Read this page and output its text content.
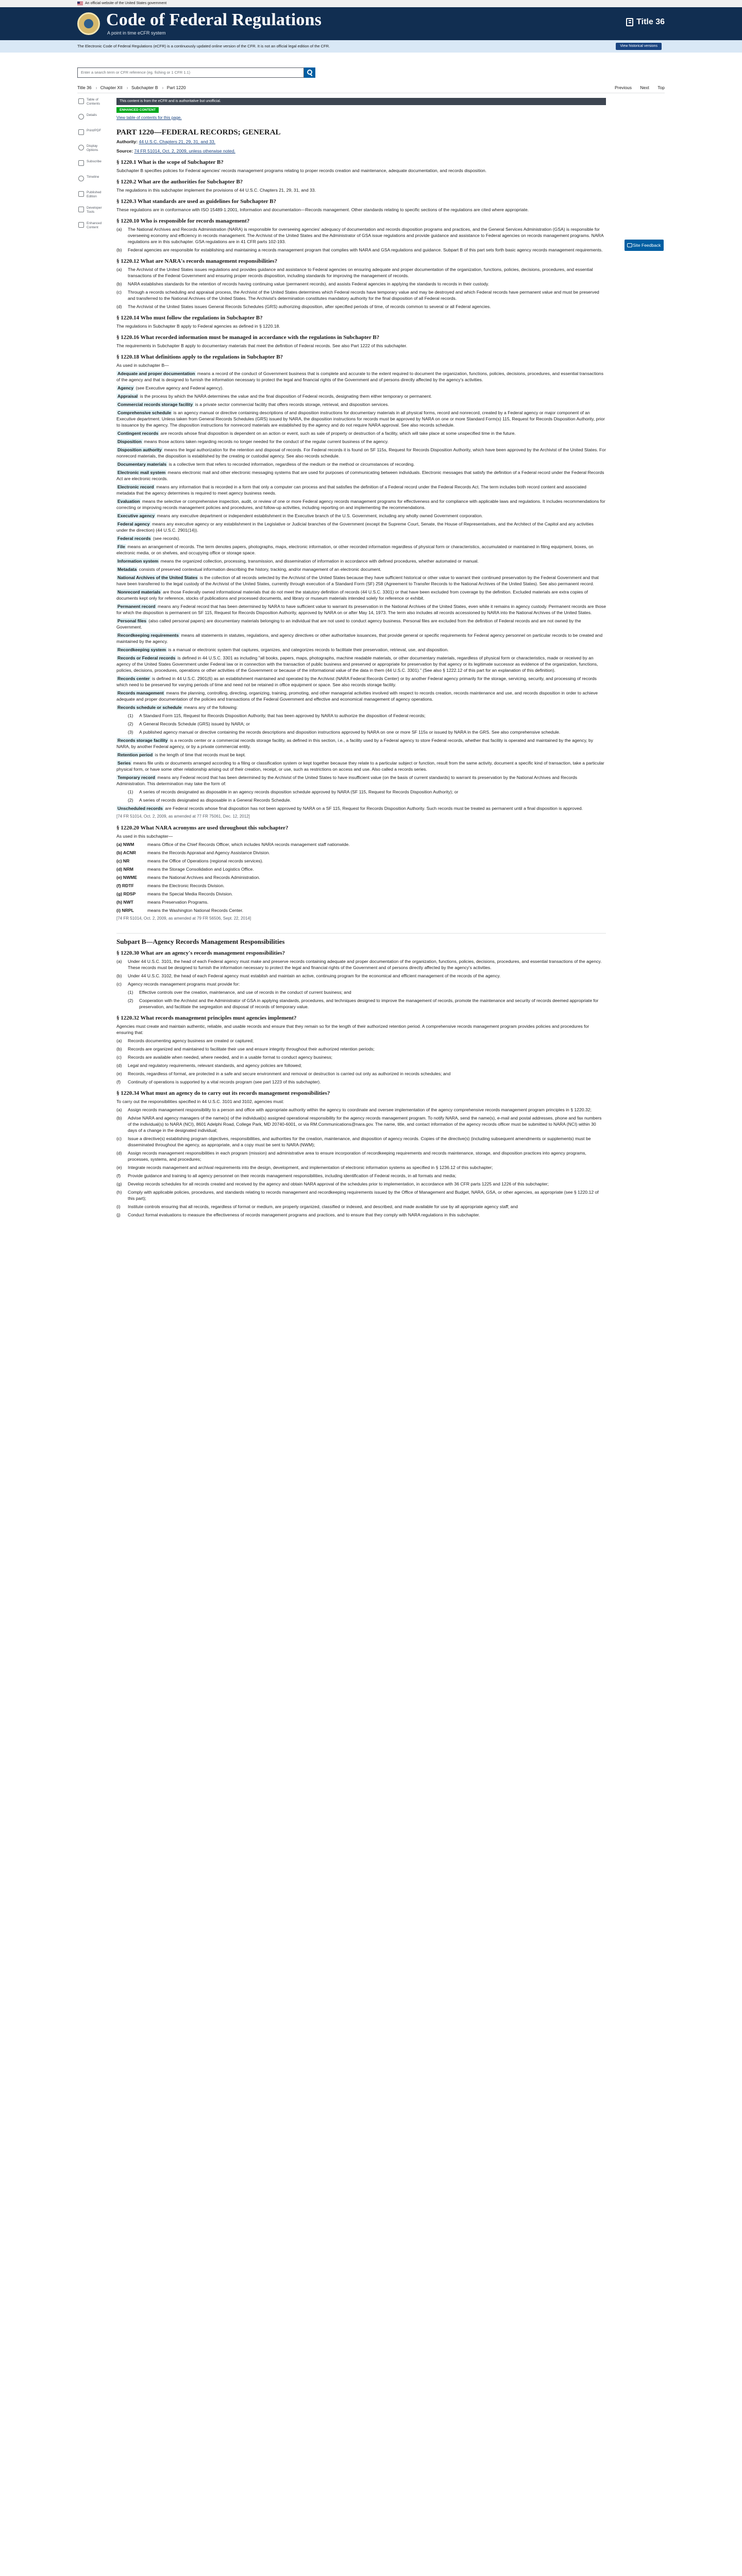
An official website of the United States government
Code of Federal Regulations
A point in time eCFR system
Title 36
The Electronic Code of Federal Regulations (eCFR) is a continuously updated online version of the CFR. It is not an official legal edition of the CFR.	View historical versions
Enter a search term or CFR reference (eg. fishing or 1 CFR 1.1)
Title 36 › Chapter XII › Subchapter B › Part 1220	Previous Next Top
Table of Contents
Details
Print/PDF
Display Options
Subscribe
Timeline
Published Edition
Developer Tools
Enhanced Content
Site Feedback
This content is from the eCFR and is authoritative but unofficial.
ENHANCED CONTENT
View table of contents for this page.
PART 1220—FEDERAL RECORDS; GENERAL

Authority: 44 U.S.C. Chapters 21, 29, 31, and 33.

Source: 74 FR 51014, Oct. 2, 2009, unless otherwise noted.

§ 1220.1 What is the scope of Subchapter B?

Subchapter B specifies policies for Federal agencies' records management programs relating to proper records creation and maintenance, adequate documentation, and records disposition.

§ 1220.2 What are the authorities for Subchapter B?

The regulations in this subchapter implement the provisions of 44 U.S.C. Chapters 21, 29, 31, and 33.

§ 1220.3 What standards are used as guidelines for Subchapter B?

These regulations are in conformance with ISO 15489-1:2001, Information and documentation—Records management. Other standards relating to specific sections of the regulations are cited where appropriate.

§ 1220.10 Who is responsible for records management?
(a)	The National Archives and Records Administration (NARA) is responsible for overseeing agencies' adequacy of documentation and records disposition programs and practices, and the General Services Administration (GSA) is responsible for overseeing economy and efficiency in records management. The Archivist of the United States and the Administrator of GSA issue regulations and provide guidance and assistance to Federal agencies on records management programs. NARA regulations are in this subchapter. GSA regulations are in 41 CFR parts 102-193.
(b)	Federal agencies are responsible for establishing and maintaining a records management program that complies with NARA and GSA regulations and guidance. Subpart B of this part sets forth basic agency records management requirements.
§ 1220.12 What are NARA's records management responsibilities?
(a)	The Archivist of the United States issues regulations and provides guidance and assistance to Federal agencies on ensuring adequate and proper documentation of the organization, functions, policies, decisions, procedures, and essential transactions of the Federal Government and ensuring proper records disposition, including standards for improving the management of records.
(b)	NARA establishes standards for the retention of records having continuing value (permanent records), and assists Federal agencies in applying the standards to records in their custody.
(c)	Through a records scheduling and appraisal process, the Archivist of the United States determines which Federal records have temporary value and may be destroyed and which Federal records have permanent value and must be preserved and transferred to the National Archives of the United States. The Archivist's determination constitutes mandatory authority for the final disposition of all Federal records.
(d)	The Archivist of the United States issues General Records Schedules (GRS) authorizing disposition, after specified periods of time, of records common to several or all Federal agencies.
§ 1220.14 Who must follow the regulations in Subchapter B?

The regulations in Subchapter B apply to Federal agencies as defined in § 1220.18.

§ 1220.16 What recorded information must be managed in accordance with the regulations in Subchapter B?

The requirements in Subchapter B apply to documentary materials that meet the definition of Federal records. See also Part 1222 of this subchapter.

§ 1220.18 What definitions apply to the regulations in Subchapter B?

As used in subchapter B—

Adequate and proper documentation means a record of the conduct of Government business that is complete and accurate to the extent required to document the organization, functions, policies, decisions, procedures, and essential transactions of the agency and that is designed to furnish the information necessary to protect the legal and financial rights of the Government and of persons directly affected by the agency's activities.

Agency (see Executive agency and Federal agency).

Appraisal is the process by which the NARA determines the value and the final disposition of Federal records, designating them either temporary or permanent.

Commercial records storage facility is a private sector commercial facility that offers records storage, retrieval, and disposition services.

Comprehensive schedule is an agency manual or directive containing descriptions of and disposition instructions for documentary materials in all physical forms, record and nonrecord, created by a Federal agency or major component of an Executive department. Unless taken from General Records Schedules (GRS) issued by NARA, the disposition instructions for records must be approved by NARA on one or more Standard Form(s) 115, Request for Records Disposition Authority, prior to issuance by the agency. The disposition instructions for nonrecord materials are established by the agency and do not require NARA approval. See also records schedule.

Contingent records are records whose final disposition is dependent on an action or event, such as sale of property or destruction of a facility, which will take place at some unspecified time in the future.

Disposition means those actions taken regarding records no longer needed for the conduct of the regular current business of the agency.

Disposition authority means the legal authorization for the retention and disposal of records. For Federal records it is found on SF 115s, Request for Records Disposition Authority, which have been approved by the Archivist of the United States. For nonrecord materials, the disposition is established by the creating or custodial agency. See also records schedule.

Documentary materials is a collective term that refers to recorded information, regardless of the medium or the method or circumstances of recording.

Electronic mail system means electronic mail and other electronic messaging systems that are used for purposes of communicating between individuals. Electronic messages that satisfy the definition of a Federal record under the Federal Records Act are electronic records.

Electronic record means any information that is recorded in a form that only a computer can process and that satisfies the definition of a Federal record under the Federal Records Act. The term includes both record content and associated metadata that the agency determines is required to meet agency business needs.

Evaluation means the selective or comprehensive inspection, audit, or review of one or more Federal agency records management programs for effectiveness and for compliance with applicable laws and regulations. It includes recommendations for correcting or improving records management policies and procedures, and follow-up activities, including reporting on and implementing the recommendations.

Executive agency means any executive department or independent establishment in the Executive branch of the U.S. Government, including any wholly owned Government corporation.

Federal agency means any executive agency or any establishment in the Legislative or Judicial branches of the Government (except the Supreme Court, Senate, the House of Representatives, and the Architect of the Capitol and any activities under the direction) (44 U.S.C. 2901(14)).

Federal records (see records).

File means an arrangement of records. The term denotes papers, photographs, maps, electronic information, or other recorded information regardless of physical form or characteristics, accumulated or maintained in filing equipment, boxes, on electronic media, or on shelves, and occupying office or storage space.

Information system means the organized collection, processing, transmission, and dissemination of information in accordance with defined procedures, whether automated or manual.

Metadata consists of preserved contextual information describing the history, tracking, and/or management of an electronic document.

National Archives of the United States is the collection of all records selected by the Archivist of the United States because they have sufficient historical or other value to warrant their continued preservation by the Federal Government and that have been transferred to the legal custody of the Archivist of the United States, currently through execution of a Standard Form (SF) 258 (Agreement to Transfer Records to the National Archives of the United States). See also permanent record.

Nonrecord materials are those Federally owned informational materials that do not meet the statutory definition of records (44 U.S.C. 3301) or that have been excluded from coverage by the definition. Excluded materials are extra copies of documents kept only for reference, stocks of publications and processed documents, and library or museum materials intended solely for reference or exhibit.

Permanent record means any Federal record that has been determined by NARA to have sufficient value to warrant its preservation in the National Archives of the United States, even while it remains in agency custody. Permanent records are those for which the disposition is permanent on SF 115, Request for Records Disposition Authority, approved by NARA on or after May 14, 1973. The term also includes all records accessioned by NARA into the National Archives of the United States.

Personal files (also called personal papers) are documentary materials belonging to an individual that are not used to conduct agency business. Personal files are excluded from the definition of Federal records and are not owned by the Government.

Recordkeeping requirements means all statements in statutes, regulations, and agency directives or other authoritative issuances, that provide general or specific requirements for Federal agency personnel on particular records to be created and maintained by the agency.

Recordkeeping system is a manual or electronic system that captures, organizes, and categorizes records to facilitate their preservation, retrieval, use, and disposition.

Records or Federal records is defined in 44 U.S.C. 3301 as including "all books, papers, maps, photographs, machine readable materials, or other documentary materials, regardless of physical form or characteristics, made or received by an agency of the United States Government under Federal law or in connection with the transaction of public business and preserved or appropriate for preservation by that agency or its legitimate successor as evidence of the organization, functions, policies, decisions, procedures, operations or other activities of the Government or because of the informational value of the data in them (44 U.S.C. 3301)." (See also § 1222.12 of this part for an explanation of this definition).

Records center is defined in 44 U.S.C. 2901(6) as an establishment maintained and operated by the Archivist (NARA Federal Records Center) or by another Federal agency primarily for the storage, servicing, security, and processing of records which need to be preserved for varying periods of time and need not be retained in office equipment or space. See also records storage facility.

Records management means the planning, controlling, directing, organizing, training, promoting, and other managerial activities involved with respect to records creation, records maintenance and use, and records disposition in order to achieve adequate and proper documentation of the policies and transactions of the Federal Government and effective and economical management of agency operations.

Records schedule or schedule means any of the following:

(1)	A Standard Form 115, Request for Records Disposition Authority, that has been approved by NARA to authorize the disposition of Federal records;
(2)	A General Records Schedule (GRS) issued by NARA; or
(3)	A published agency manual or directive containing the records descriptions and disposition instructions approved by NARA on one or more SF 115s or issued by NARA in the GRS. See also comprehensive schedule.

Records storage facility is a records center or a commercial records storage facility, as defined in this section, i.e., a facility used by a Federal agency to store Federal records, whether that facility is operated and maintained by the agency, by NARA, by another Federal agency, or by a private commercial entity.

Retention period is the length of time that records must be kept.

Series means file units or documents arranged according to a filing or classification system or kept together because they relate to a particular subject or function, result from the same activity, document a specific kind of transaction, take a particular physical form, or have some other relationship arising out of their creation, receipt, or use, such as restrictions on access and use. Also called a records series.

Temporary record means any Federal record that has been determined by the Archivist of the United States to have insufficient value (on the basis of current standards) to warrant its preservation by the National Archives and Records Administration. This determination may take the form of:

(1)	A series of records designated as disposable in an agency records disposition schedule approved by NARA (SF 115, Request for Records Disposition Authority); or
(2)	A series of records designated as disposable in a General Records Schedule.

Unscheduled records are Federal records whose final disposition has not been approved by NARA on a SF 115, Request for Records Disposition Authority. Such records must be treated as permanent until a final disposition is approved.

[74 FR 51014, Oct. 2, 2009, as amended at 77 FR 75061, Dec. 12, 2012]
§ 1220.20 What NARA acronyms are used throughout this subchapter?

As used in this subchapter—

(a) NWM	means Office of the Chief Records Officer, which includes NARA records management staff nationwide.
(b) ACNR	means the Records Appraisal and Agency Assistance Division.
(c) NR	means the Office of Operations (regional records services).
(d) NRM	means the Storage Consolidation and Logistics Office.
(e) NWME	means the National Archives and Records Administration.
(f) RDTF	means the Electronic Records Division.
(g) RDSP	means the Special Media Records Division.
(h) NWT	means Preservation Programs.
(i) NRPL	means the Washington National Records Center.
[74 FR 51014, Oct. 2, 2009, as amended at 79 FR 56506, Sept. 22, 2014]
Subpart B—Agency Records Management Responsibilities
§ 1220.30 What are an agency's records management responsibilities?
(a)	Under 44 U.S.C. 3101, the head of each Federal agency must make and preserve records containing adequate and proper documentation of the organization, functions, policies, decisions, procedures, and essential transactions of the agency. These records must be designed to furnish the information necessary to protect the legal and financial rights of the Government and of persons directly affected by the agency's activities.
(b)	Under 44 U.S.C. 3102, the head of each Federal agency must establish and maintain an active, continuing program for the economical and efficient management of the records of the agency.
(c)	Agency records management programs must provide for:
(1)	Effective controls over the creation, maintenance, and use of records in the conduct of current business; and
(2)	Cooperation with the Archivist and the Administrator of GSA in applying standards, procedures, and techniques designed to improve the management of records, promote the maintenance and security of records deemed appropriate for preservation, and facilitate the segregation and disposal of records of temporary value.
§ 1220.32 What records management principles must agencies implement?

Agencies must create and maintain authentic, reliable, and usable records and ensure that they remain so for the length of their authorized retention period. A comprehensive records management program provides policies and procedures for ensuring that:

(a)	Records documenting agency business are created or captured;
(b)	Records are organized and maintained to facilitate their use and ensure integrity throughout their authorized retention periods;
(c)	Records are available when needed, where needed, and in a usable format to conduct agency business;
(d)	Legal and regulatory requirements, relevant standards, and agency policies are followed;
(e)	Records, regardless of format, are protected in a safe and secure environment and removal or destruction is carried out only as authorized in records schedules; and
(f)	Continuity of operations is supported by a vital records program (see part 1223 of this subchapter).
§ 1220.34 What must an agency do to carry out its records management responsibilities?

To carry out the responsibilities specified in 44 U.S.C. 3101 and 3102, agencies must:

(a)	Assign records management responsibility to a person and office with appropriate authority within the agency to coordinate and oversee implementation of the agency comprehensive records management program principles in § 1220.32;
(b)	Advise NARA and agency managers of the name(s) of the individual(s) assigned operational responsibility for the agency records management program. To notify NARA, send the name(s), e-mail and postal addresses, phone and fax numbers of the individual(s) to NARA (NCI), 8601 Adelphi Road, College Park, MD 20740-6001, or via RM.Communications@nara.gov. The name, title, and contact information of the agency records officer must be submitted to NARA (NCI) within 30 days of a change in the designated individual;
(c)	Issue a directive(s) establishing program objectives, responsibilities, and authorities for the creation, maintenance, and disposition of agency records. Copies of the directive(s) (including subsequent amendments or supplements) must be disseminated throughout the agency, as appropriate, and a copy must be sent to NARA (NWM);
(d)	Assign records management responsibilities in each program (mission) and administrative area to ensure incorporation of recordkeeping requirements and records maintenance, storage, and disposition practices into agency programs, processes, systems, and procedures;
(e)	Integrate records management and archival requirements into the design, development, and implementation of electronic information systems as specified in § 1236.12 of this subchapter;
(f)	Provide guidance and training to all agency personnel on their records management responsibilities, including identification of Federal records, in all formats and media;
(g)	Develop records schedules for all records created and received by the agency and obtain NARA approval of the schedules prior to implementation, in accordance with 36 CFR parts 1225 and 1226 of this subchapter;
(h)	Comply with applicable policies, procedures, and standards relating to records management and recordkeeping requirements issued by the Office of Management and Budget, NARA, GSA, or other agencies, as appropriate (see § 1220.12 of this part);
(i)	Institute controls ensuring that all records, regardless of format or medium, are properly organized, classified or indexed, and described, and made available for use by all appropriate agency staff; and
(j)	Conduct formal evaluations to measure the effectiveness of records management programs and practices, and to ensure that they comply with NARA regulations in this subchapter.
